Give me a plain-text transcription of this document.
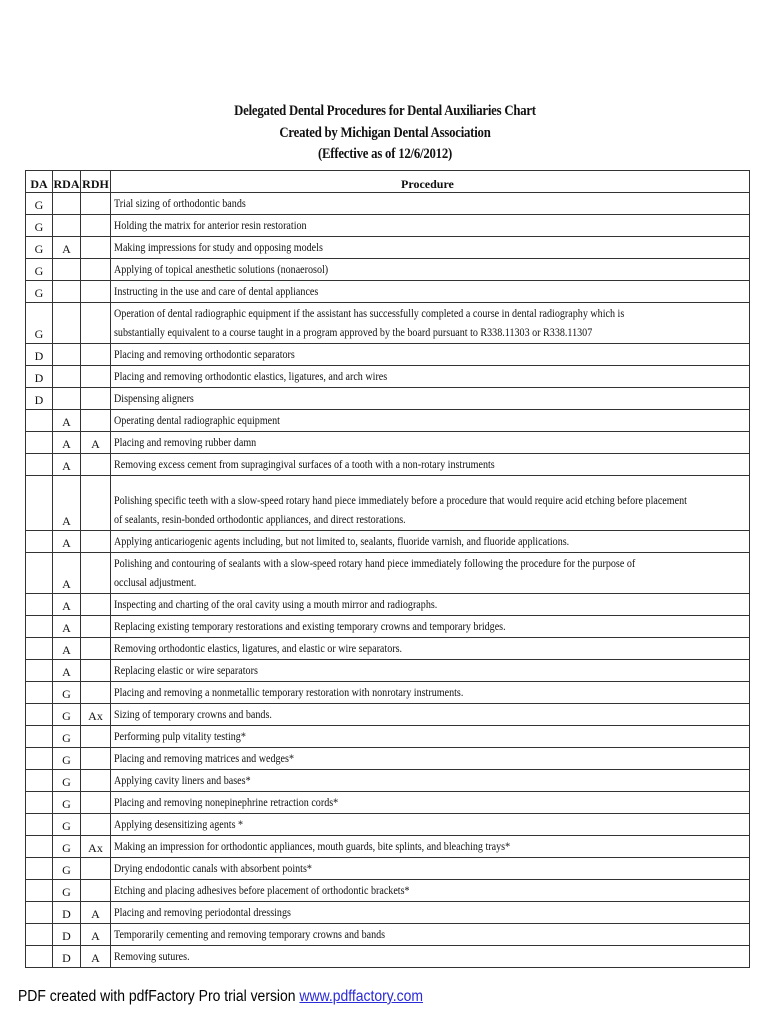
Delegated Dental Procedures for Dental Auxiliaries Chart
Created by Michigan Dental Association
(Effective as of 12/6/2012)
DA	RDA	RDH	Procedure
G			Trial sizing of orthodontic bands

G			Holding the matrix for anterior resin restoration

G	A		Making impressions for study and opposing models

G			Applying of topical anesthetic solutions (nonaerosol)

G			Instructing in the use and care of dental appliances

G			Operation of dental radiographic equipment if the assistant has successfully completed a course in dental radiography which is
substantially equivalent to a course taught in a program approved by the board pursuant to R338.11303 or R338.11307

D			Placing and removing orthodontic separators

D			Placing and removing orthodontic elastics, ligatures, and arch wires

D			Dispensing aligners

	A		Operating dental radiographic equipment

	A	A	Placing and removing rubber damn

	A		Removing excess cement from supragingival surfaces of a tooth with a non-rotary instruments

	A		Polishing specific teeth with a slow-speed rotary hand piece immediately before a procedure that would require acid etching before placement
of sealants, resin-bonded orthodontic appliances, and direct restorations.

	A		Applying anticariogenic agents including, but not limited to, sealants, fluoride varnish, and fluoride applications.

	A		Polishing and contouring of sealants with a slow-speed rotary hand piece immediately following the procedure for the purpose of
occlusal adjustment.

	A		Inspecting and charting of the oral cavity using a mouth mirror and radiographs.

	A		Replacing existing temporary restorations and existing temporary crowns and temporary bridges.

	A		Removing orthodontic elastics, ligatures, and elastic or wire separators.

	A		Replacing elastic or wire separators

	G		Placing and removing a nonmetallic temporary restoration with nonrotary instruments.

	G	Ax	Sizing of temporary crowns and bands.

	G		Performing pulp vitality testing*

	G		Placing and removing matrices and wedges*

	G		Applying cavity liners and bases*

	G		Placing and removing nonepinephrine retraction cords*

	G		Applying desensitizing agents *

	G	Ax	Making an impression for orthodontic appliances, mouth guards, bite splints, and bleaching trays*

	G		Drying endodontic canals with absorbent points*

	G		Etching and placing adhesives before placement of orthodontic brackets*

	D	A	Placing and removing periodontal dressings

	D	A	Temporarily cementing and removing temporary crowns and bands

	D	A	Removing sutures.
PDF created with pdfFactory Pro trial version www.pdffactory.com
